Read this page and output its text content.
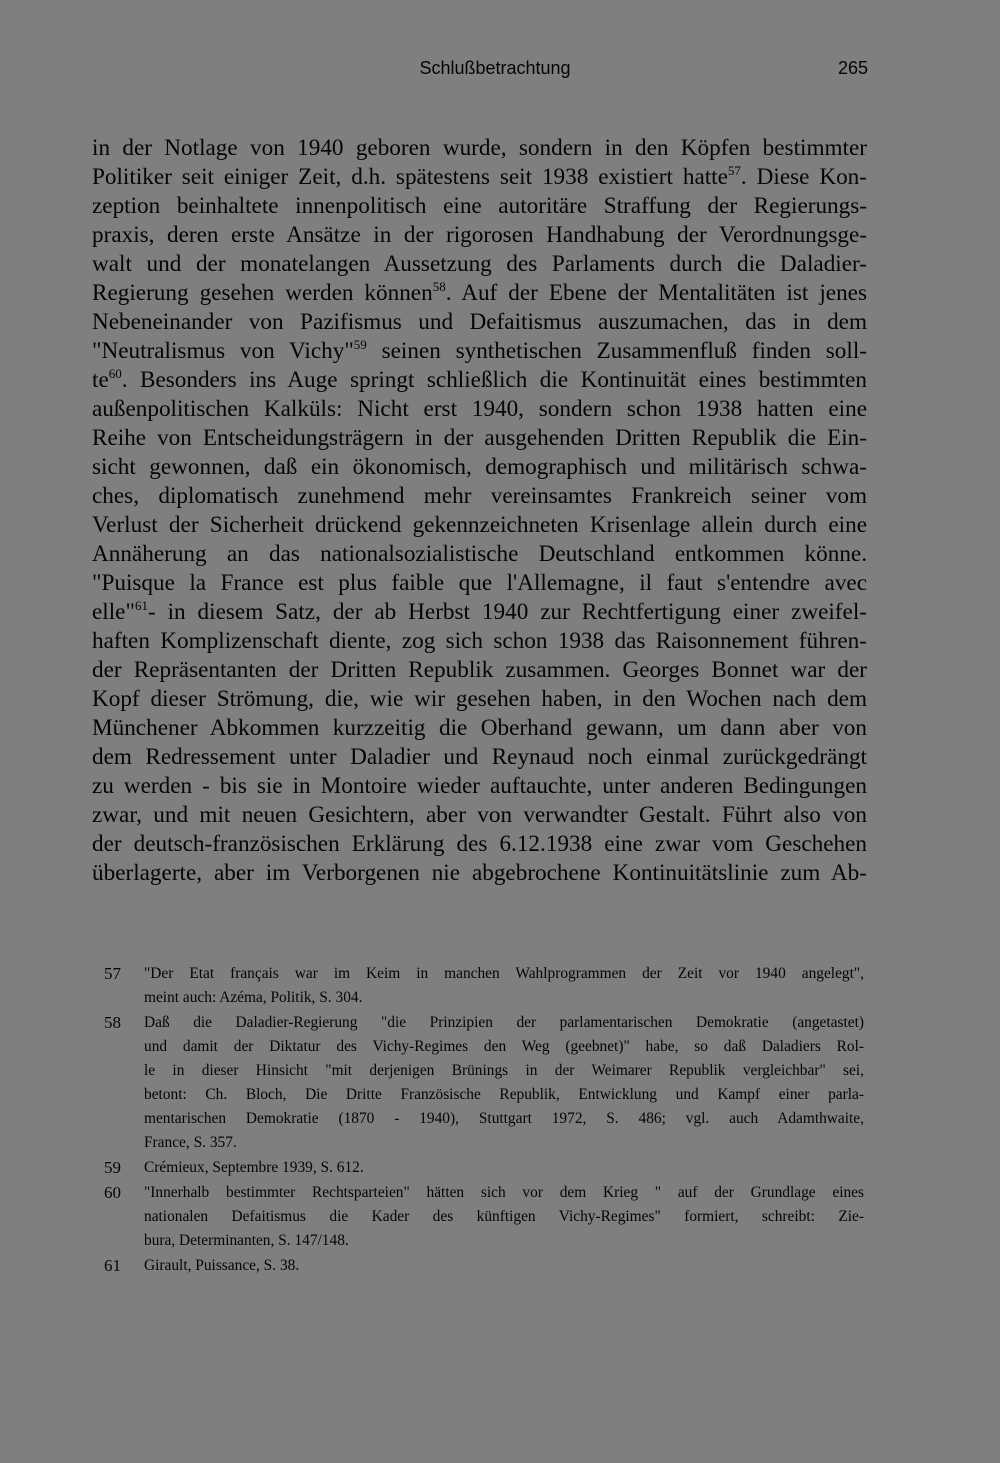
Schlußbetrachtung	265
in der Notlage von 1940 geboren wurde, sondern in den Köpfen bestimmter
Politiker seit einiger Zeit, d.h. spätestens seit 1938 existiert hatte$^{57}$. Diese Kon-
zeption beinhaltete innenpolitisch eine autoritäre Straffung der Regierungs-
praxis, deren erste Ansätze in der rigorosen Handhabung der Verordnungsge-
walt und der monatelangen Aussetzung des Parlaments durch die Daladier-
Regierung gesehen werden können$^{58}$. Auf der Ebene der Mentalitäten ist jenes
Nebeneinander von Pazifismus und Defaitismus auszumachen, das in dem
"Neutralismus von Vichy"$^{59}$ seinen synthetischen Zusammenfluß finden soll-
$te^{60}$. Besonders ins Auge springt schließlich die Kontinuität eines bestimmten
außenpolitischen Kalküls: Nicht erst 1940, sondern schon 1938 hatten eine
Reihe von Entscheidungsträgern in der ausgehenden Dritten Republik die Ein-
sicht gewonnen, daß ein ökonomisch, demographisch und militärisch schwa-
ches, diplomatisch zunehmend mehr vereinsamtes Frankreich seiner vom
Verlust der Sicherheit drückend gekennzeichneten Krisenlage allein durch eine
Annäherung an das nationalsozialistische Deutschland entkommen könne.
"Puisque la France est plus faible que l'Allemagne, il faut s'entendre avec
elle"$^{61}$- in diesem Satz, der ab Herbst 1940 zur Rechtfertigung einer zweifel-
haften Komplizenschaft diente, zog sich schon 1938 das Raisonnement führen-
der Repräsentanten der Dritten Republik zusammen. Georges Bonnet war der
Kopf dieser Strömung, die, wie wir gesehen haben, in den Wochen nach dem
Münchener Abkommen kurzzeitig die Oberhand gewann, um dann aber von
dem Redressement unter Daladier und Reynaud noch einmal zurückgedrängt
zu werden - bis sie in Montoire wieder auftauchte, unter anderen Bedingungen
zwar, und mit neuen Gesichtern, aber von verwandter Gestalt. Führt also von
der deutsch-französischen Erklärung des 6.12.1938 eine zwar vom Geschehen
überlagerte, aber im Verborgenen nie abgebrochene Kontinuitätslinie zum Ab-
57 "Der Etat français war im Keim in manchen Wahlprogrammen der Zeit vor 1940 angelegt",
meint auch: Azéma, Politik, S. 304.
58 Daß die Daladier-Regierung "die Prinzipien der parlamentarischen Demokratie (angetastet)
und damit der Diktatur des Vichy-Regimes den Weg (geebnet)" habe, so daß Daladiers Rol-
le in dieser Hinsicht "mit derjenigen Brünings in der Weimarer Republik vergleichbar" sei,
betont: Ch. Bloch, Die Dritte Französische Republik, Entwicklung und Kampf einer parla-
mentarischen Demokratie (1870 - 1940), Stuttgart 1972, S. 486; vgl. auch Adamthwaite,
France, S. 357.
59 Crémieux, Septembre 1939, S. 612.
60 "Innerhalb bestimmter Rechtsparteien" hätten sich vor dem Krieg " auf der Grundlage eines
nationalen Defaitismus die Kader des künftigen Vichy-Regimes" formiert, schreibt: Zie-
bura, Determinanten, S. 147/148.
61 Girault, Puissance, S. 38.
